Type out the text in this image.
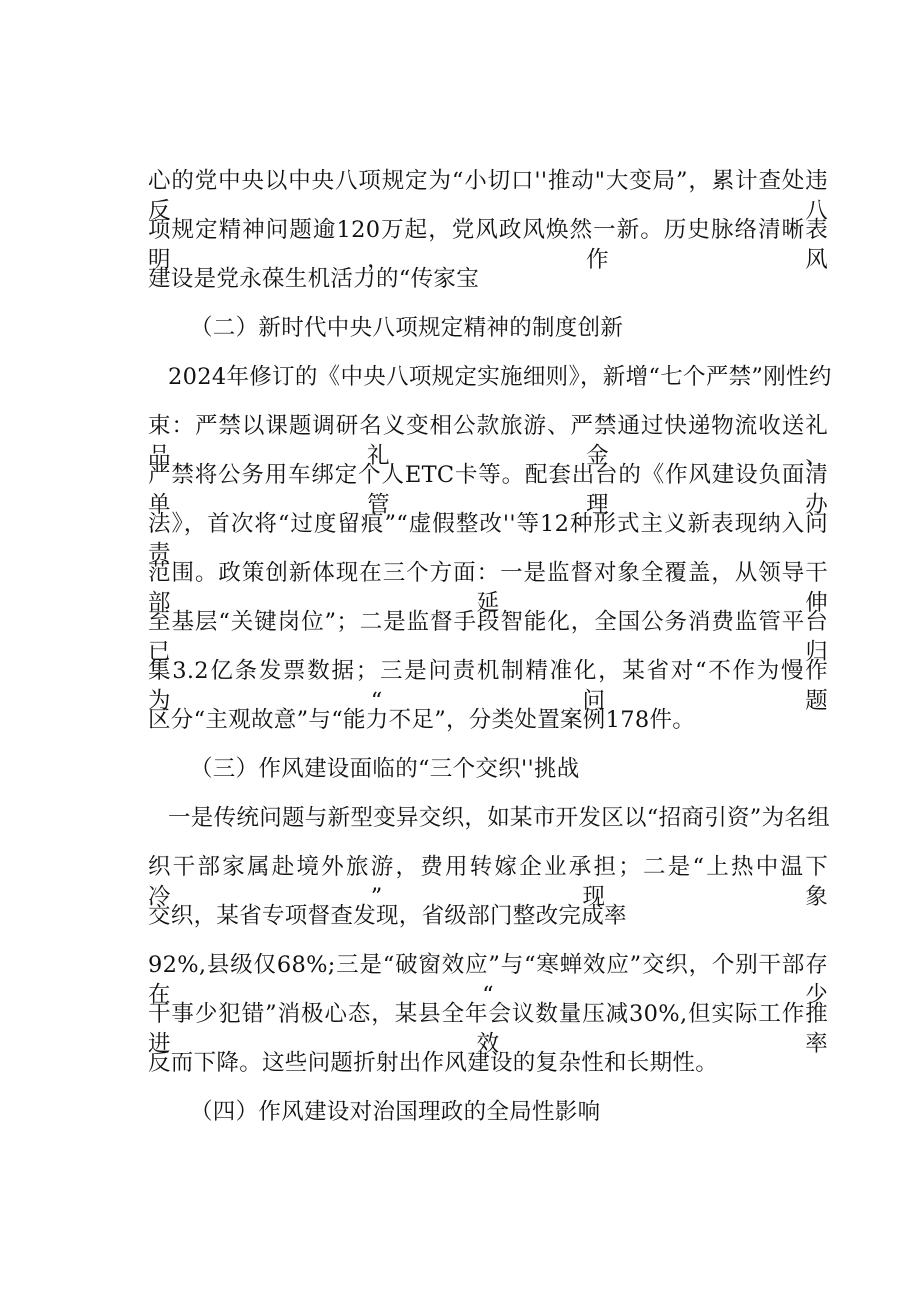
心的党中央以中央八项规定为“小切口''推动"大变局”，累计查处违反八
项规定精神问题逾120万起，党风政风焕然一新。历史脉络清晰表明，作风
建设是党永葆生机活力的“传家宝
（二）新时代中央八项规定精神的制度创新
2024年修订的《中央八项规定实施细则》，新增“七个严禁”刚性约
束：严禁以课题调研名义变相公款旅游、严禁通过快递物流收送礼品礼金、
严禁将公务用车绑定个人ETC卡等。配套出台的《作风建设负面清单管理办
法》，首次将“过度留痕”“虚假整改''等12种形式主义新表现纳入问责
范围。政策创新体现在三个方面：一是监督对象全覆盖，从领导干部延伸
至基层“关键岗位”；二是监督手段智能化，全国公务消费监管平台已归
集3.2亿条发票数据；三是问责机制精准化，某省对“不作为慢作为“问题
区分“主观故意”与“能力不足”，分类处置案例178件。
（三）作风建设面临的“三个交织''挑战
一是传统问题与新型变异交织，如某市开发区以“招商引资”为名组
织干部家属赴境外旅游，费用转嫁企业承担；二是“上热中温下冷”现象
交织，某省专项督查发现，省级部门整改完成率
92%,县级仅68%;三是“破窗效应”与“寒蝉效应”交织，个别干部存在“少
干事少犯错”消极心态，某县全年会议数量压减30%,但实际工作推进效率
反而下降。这些问题折射出作风建设的复杂性和长期性。
（四）作风建设对治国理政的全局性影响
